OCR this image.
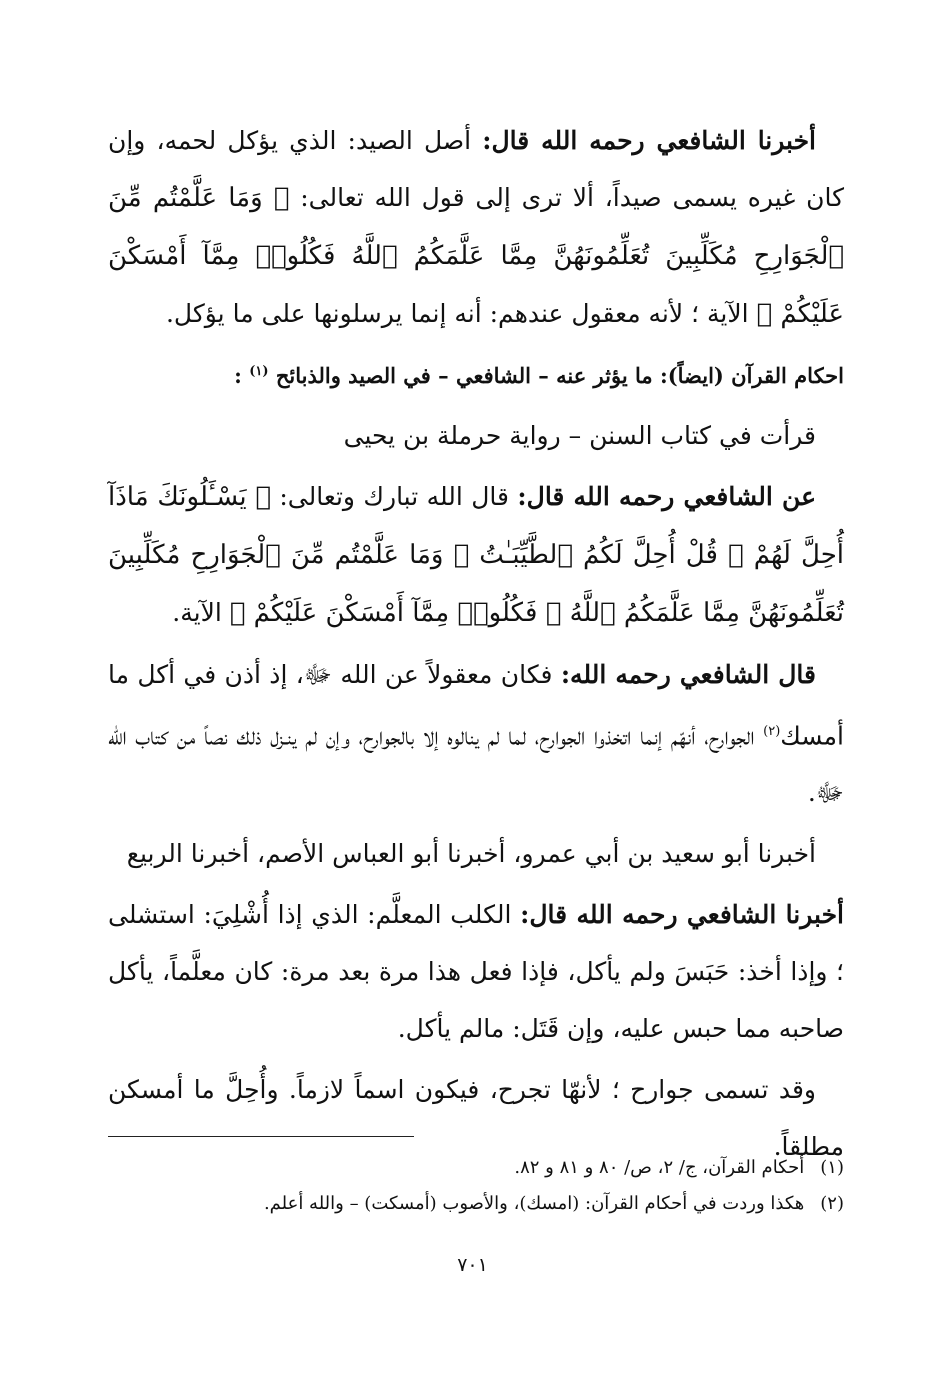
أخبرنا الشافعي رحمه الله قال: أصل الصيد: الذي يؤكل لحمه، وإن كان غيره يسمى صيداً، ألا ترى إلى قول الله تعالى: ﴿ وَمَا عَلَّمْتُم مِّنَ ٱلْجَوَارِحِ مُكَلِّبِينَ تُعَلِّمُونَهُنَّ مِمَّا عَلَّمَكُمُ ٱللَّهُ فَكُلُوا۟ مِمَّآ أَمْسَكْنَ عَلَيْكُمْ ﴾ الآية ؛ لأنه معقول عندهم: أنه إنما يرسلونها على ما يؤكل.

احكام القرآن (ايضاً): ما يؤثر عنه – الشافعي – في الصيد والذبائح $^{(١)}$ :

قرأت في كتاب السنن – رواية حرملة بن يحيى

عن الشافعي رحمه الله قال: قال الله تبارك وتعالى: ﴿ يَسْـَٔلُونَكَ مَاذَآ أُحِلَّ لَهُمْ ۖ قُلْ أُحِلَّ لَكُمُ ٱلطَّيِّبَـٰتُ ۙ وَمَا عَلَّمْتُم مِّنَ ٱلْجَوَارِحِ مُكَلِّبِينَ تُعَلِّمُونَهُنَّ مِمَّا عَلَّمَكُمُ ٱللَّهُ ۖ فَكُلُوا۟ مِمَّآ أَمْسَكْنَ عَلَيْكُمْ ﴾ الآية.

قال الشافعي رحمه الله: فكان معقولاً عن الله ﷻ، إذ أذن في أكل ما أمسك$^{(٢)}$ الجوارح، أنهّم إنما اتخذوا الجوارح، لما لم ينالوه إلا بالجوارح، وإن لم ينـزل ذلك نصاً من كتاب الله ﷻ.

أخبرنا أبو سعيد بن أبي عمرو، أخبرنا أبو العباس الأصم، أخبرنا الربيع

أخبرنا الشافعي رحمه الله قال: الكلب المعلَّم: الذي إذا أُشْلِيَ: استشلى ؛ وإذا أخذ: حَبَسَ ولم يأكل، فإذا فعل هذا مرة بعد مرة: كان معلَّماً، يأكل صاحبه مما حبس عليه، وإن قَتَل: مالم يأكل.

وقد تسمى جوارح ؛ لأنهّا تجرح، فيكون اسماً لازماً. وأُحِلَّ ما أمسكن مطلقاً.

(١) أحكام القرآن، ج/ ٢، ص/ ٨٠ و ٨١ و ٨٢.

(٢) هكذا وردت في أحكام القرآن: (امسك)، والأصوب (أمسكت) – والله أعلم.

٧٠١
